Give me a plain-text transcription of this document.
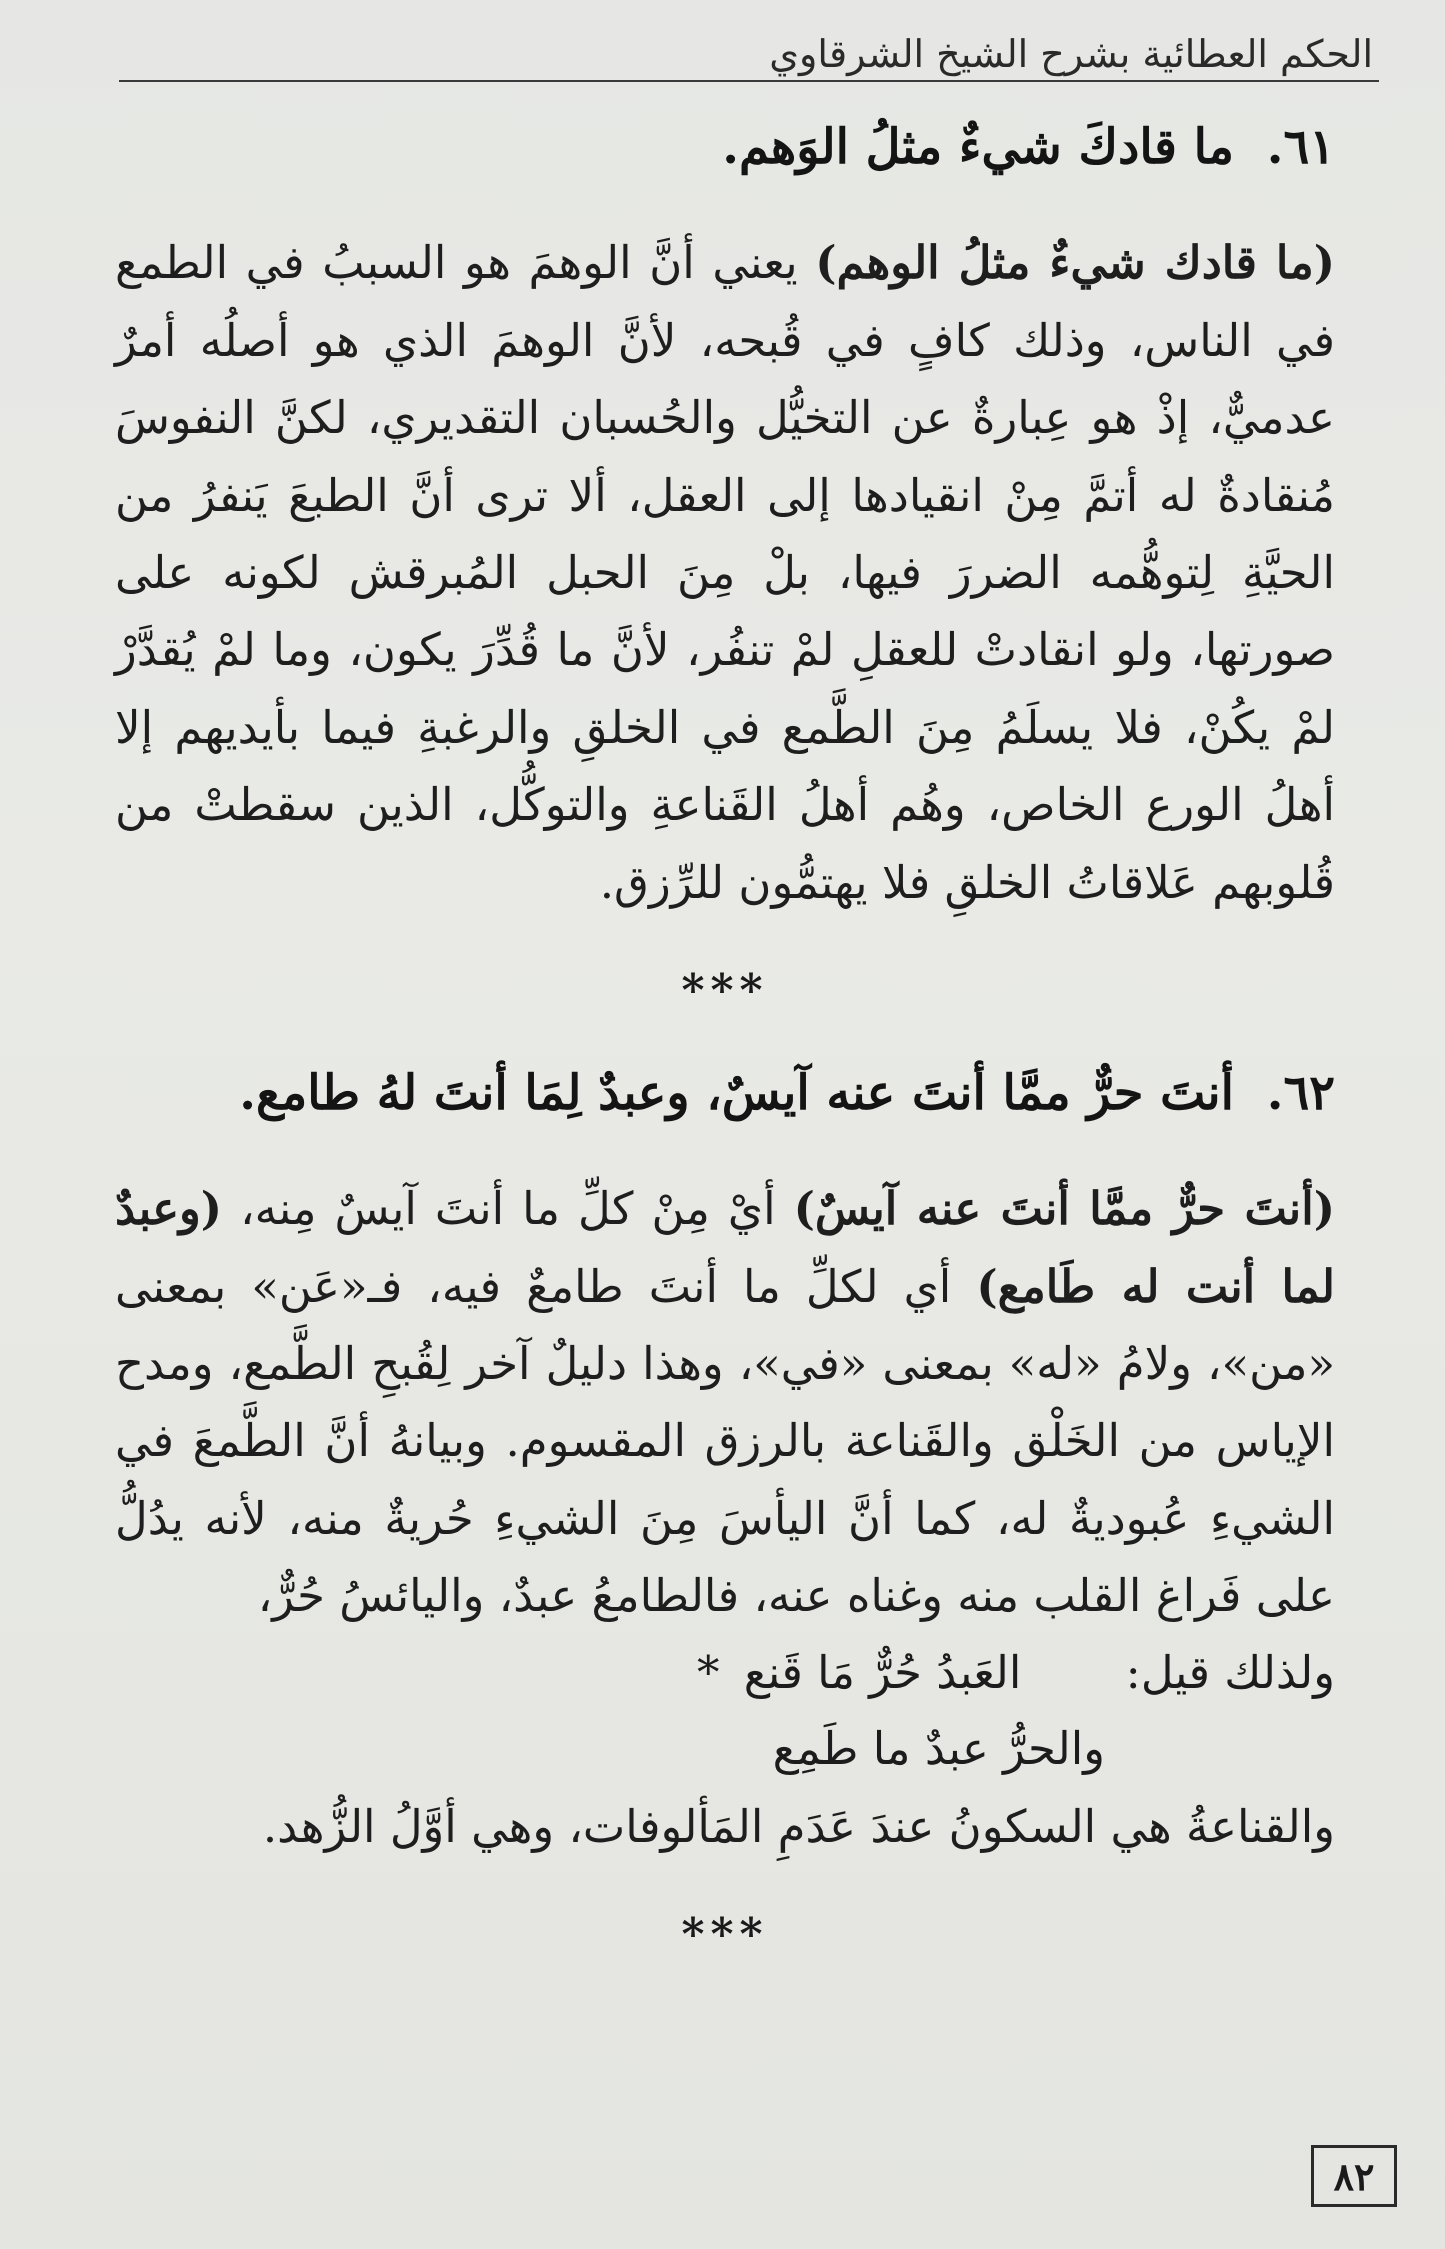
الحكم العطائية بشرح الشيخ الشرقاوي
٦١. ما قادكَ شيءٌ مثلُ الوَهم.

(ما قادك شيءٌ مثلُ الوهم) يعني أنَّ الوهمَ هو السببُ في الطمع في الناس، وذلك كافٍ في قُبحه، لأنَّ الوهمَ الذي هو أصلُه أمرٌ عدميٌّ، إذْ هو عِبارةٌ عن التخيُّل والحُسبان التقديري، لكنَّ النفوسَ مُنقادةٌ له أتمَّ مِنْ انقيادها إلى العقل، ألا ترى أنَّ الطبعَ يَنفرُ من الحيَّةِ لِتوهُّمه الضررَ فيها، بلْ مِنَ الحبل المُبرقش لكونه على صورتها، ولو انقادتْ للعقلِ لمْ تنفُر، لأنَّ ما قُدِّرَ يكون، وما لمْ يُقدَّرْ لمْ يكُنْ، فلا يسلَمُ مِنَ الطَّمع في الخلقِ والرغبةِ فيما بأيديهم إلا أهلُ الورع الخاص، وهُم أهلُ القَناعةِ والتوكُّل، الذين سقطتْ من قُلوبهم عَلاقاتُ الخلقِ فلا يهتمُّون للرِّزق.

***
٦٢. أنتَ حرٌّ ممَّا أنتَ عنه آيسٌ، وعبدٌ لِمَا أنتَ لهُ طامع.

(أنتَ حرٌّ ممَّا أنتَ عنه آيسٌ) أيْ مِنْ كلِّ ما أنتَ آيسٌ مِنه، (وعبدٌ لما أنت له طَامع) أي لكلِّ ما أنتَ طامعٌ فيه، فـ«عَن» بمعنى «من»، ولامُ «له» بمعنى «في»، وهذا دليلٌ آخر لِقُبحِ الطَّمع، ومدح الإياس من الخَلْق والقَناعة بالرزق المقسوم. وبيانهُ أنَّ الطَّمعَ في الشيءِ عُبوديةٌ له، كما أنَّ اليأسَ مِنَ الشيءِ حُريةٌ منه، لأنه يدُلُّ على فَراغ القلب منه وغناه عنه، فالطامعُ عبدٌ، واليائسُ حُرٌّ،

ولذلك قيل: العَبدُ حُرٌّ مَا قَنع *

والحرُّ عبدٌ ما طَمِع

والقناعةُ هي السكونُ عندَ عَدَمِ المَألوفات، وهي أوَّلُ الزُّهد.

***
٨٢
